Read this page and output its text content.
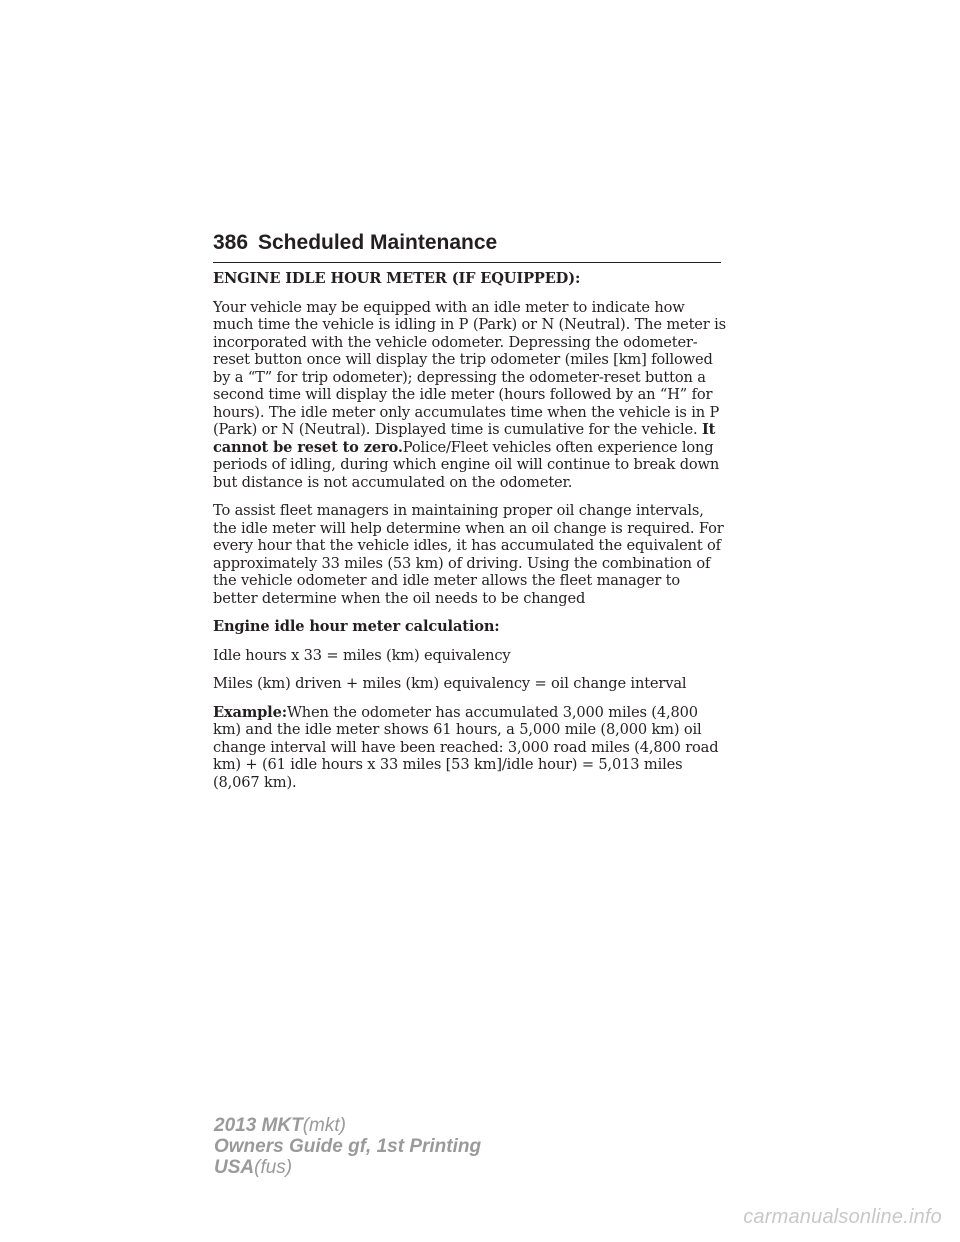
386 Scheduled Maintenance

ENGINE IDLE HOUR METER (IF EQUIPPED):

Your vehicle may be equipped with an idle meter to indicate how much time the vehicle is idling in P (Park) or N (Neutral). The meter is incorporated with the vehicle odometer. Depressing the odometer-reset button once will display the trip odometer (miles [km] followed by a “T” for trip odometer); depressing the odometer-reset button a second time will display the idle meter (hours followed by an “H” for hours). The idle meter only accumulates time when the vehicle is in P (Park) or N (Neutral). Displayed time is cumulative for the vehicle. It cannot be reset to zero.Police/Fleet vehicles often experience long periods of idling, during which engine oil will continue to break down but distance is not accumulated on the odometer.

To assist fleet managers in maintaining proper oil change intervals, the idle meter will help determine when an oil change is required. For every hour that the vehicle idles, it has accumulated the equivalent of approximately 33 miles (53 km) of driving. Using the combination of the vehicle odometer and idle meter allows the fleet manager to better determine when the oil needs to be changed

Engine idle hour meter calculation:

Idle hours x 33 = miles (km) equivalency

Miles (km) driven + miles (km) equivalency = oil change interval

Example:When the odometer has accumulated 3,000 miles (4,800 km) and the idle meter shows 61 hours, a 5,000 mile (8,000 km) oil change interval will have been reached: 3,000 road miles (4,800 road km) + (61 idle hours x 33 miles [53 km]/idle hour) = 5,013 miles (8,067 km).

2013 MKT(mkt)
Owners Guide gf, 1st Printing
USA(fus)
carmanualsonline.info
